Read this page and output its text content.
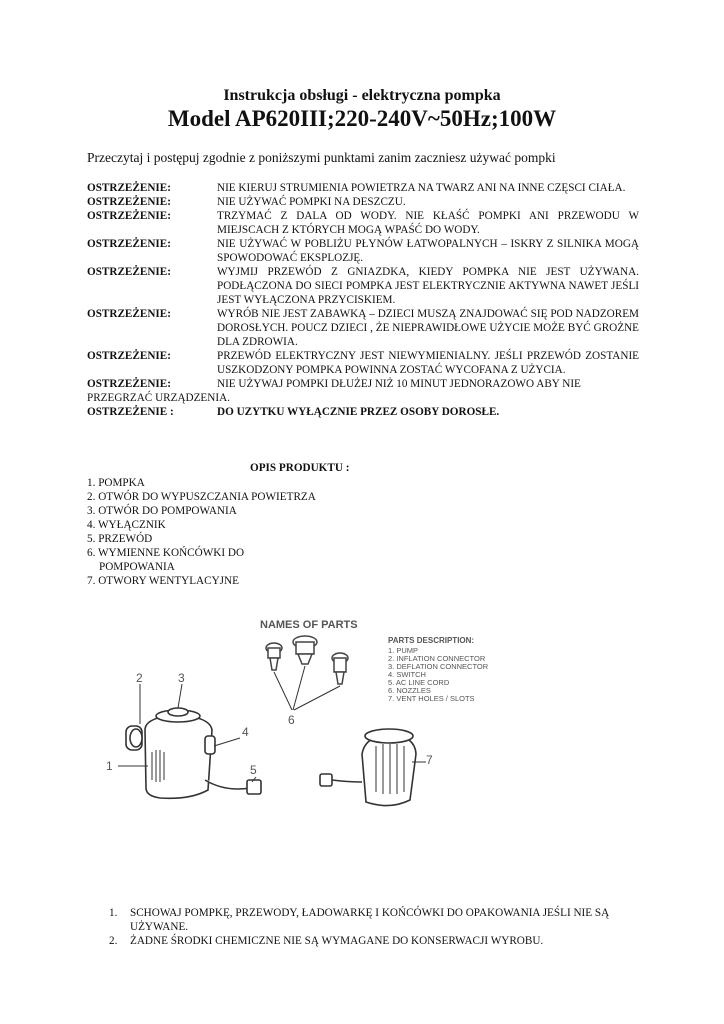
Instrukcja obsługi - elektryczna pompka
Model AP620III;220-240V~50Hz;100W
Przeczytaj i postępuj zgodnie z poniższymi punktami zanim zaczniesz używać pompki
OSTRZEŻENIE:	NIE KIERUJ STRUMIENIA POWIETRZA NA TWARZ ANI NA INNE CZĘSCI CIAŁA.
OSTRZEŻENIE:	NIE UŻYWAĆ POMPKI NA DESZCZU.
OSTRZEŻENIE:	TRZYMAĆ Z DALA OD WODY. NIE KŁAŚĆ POMPKI ANI PRZEWODU W MIEJSCACH Z KTÓRYCH MOGĄ WPAŚĆ DO WODY.
OSTRZEŻENIE:	NIE UŻYWAĆ W POBLIŻU PŁYNÓW ŁATWOPALNYCH – ISKRY Z SILNIKA MOGĄ SPOWODOWAĆ EKSPLOZJĘ.
OSTRZEŻENIE:	WYJMIJ PRZEWÓD Z GNIAZDKA, KIEDY POMPKA NIE JEST UŻYWANA. PODŁĄCZONA DO SIECI POMPKA JEST ELEKTRYCZNIE AKTYWNA NAWET JEŚLI JEST WYŁĄCZONA PRZYCISKIEM.
OSTRZEŻENIE:	WYRÓB NIE JEST ZABAWKĄ – DZIECI MUSZĄ ZNAJDOWAĆ SIĘ POD NADZOREM DOROSŁYCH. POUCZ DZIECI , ŻE NIEPRAWIDŁOWE UŻYCIE MOŻE BYĆ GROŻNE DLA ZDROWIA.
OSTRZEŻENIE:	PRZEWÓD ELEKTRYCZNY JEST NIEWYMIENIALNY. JEŚLI PRZEWÓD ZOSTANIE USZKODZONY POMPKA POWINNA ZOSTAĆ WYCOFANA Z UŻYCIA.
OSTRZEŻENIE:	NIE UŻYWAJ POMPKI DŁUŻEJ NIŻ 10 MINUT JEDNORAZOWO ABY NIE PRZEGRZAĆ URZĄDZENIA.
OSTRZEŻENIE :	DO UZYTKU WYŁĄCZNIE PRZEZ OSOBY DOROSŁE.
OPIS PRODUKTU :
1. POMPKA
2. OTWÓR DO WYPUSZCZANIA POWIETRZA
3. OTWÓR DO POMPOWANIA
4. WYŁĄCZNIK
5. PRZEWÓD
6. WYMIENNE KOŃCÓWKI DO
POMPOWANIA
7. OTWORY WENTYLACYJNE
NAMES OF PARTS
PARTS DESCRIPTION:
1. PUMP
2. INFLATION CONNECTOR
3. DEFLATION CONNECTOR
4. SWITCH
5. AC LINE CORD
6. NOZZLES
7. VENT HOLES / SLOTS
6
2	3
4
5
1	7
1.	SCHOWAJ POMPKĘ, PRZEWODY, ŁADOWARKĘ I KOŃCÓWKI DO OPAKOWANIA JEŚLI NIE SĄ UŻYWANE.
2.	ŻADNE ŚRODKI CHEMICZNE NIE SĄ WYMAGANE DO KONSERWACJI WYROBU.
